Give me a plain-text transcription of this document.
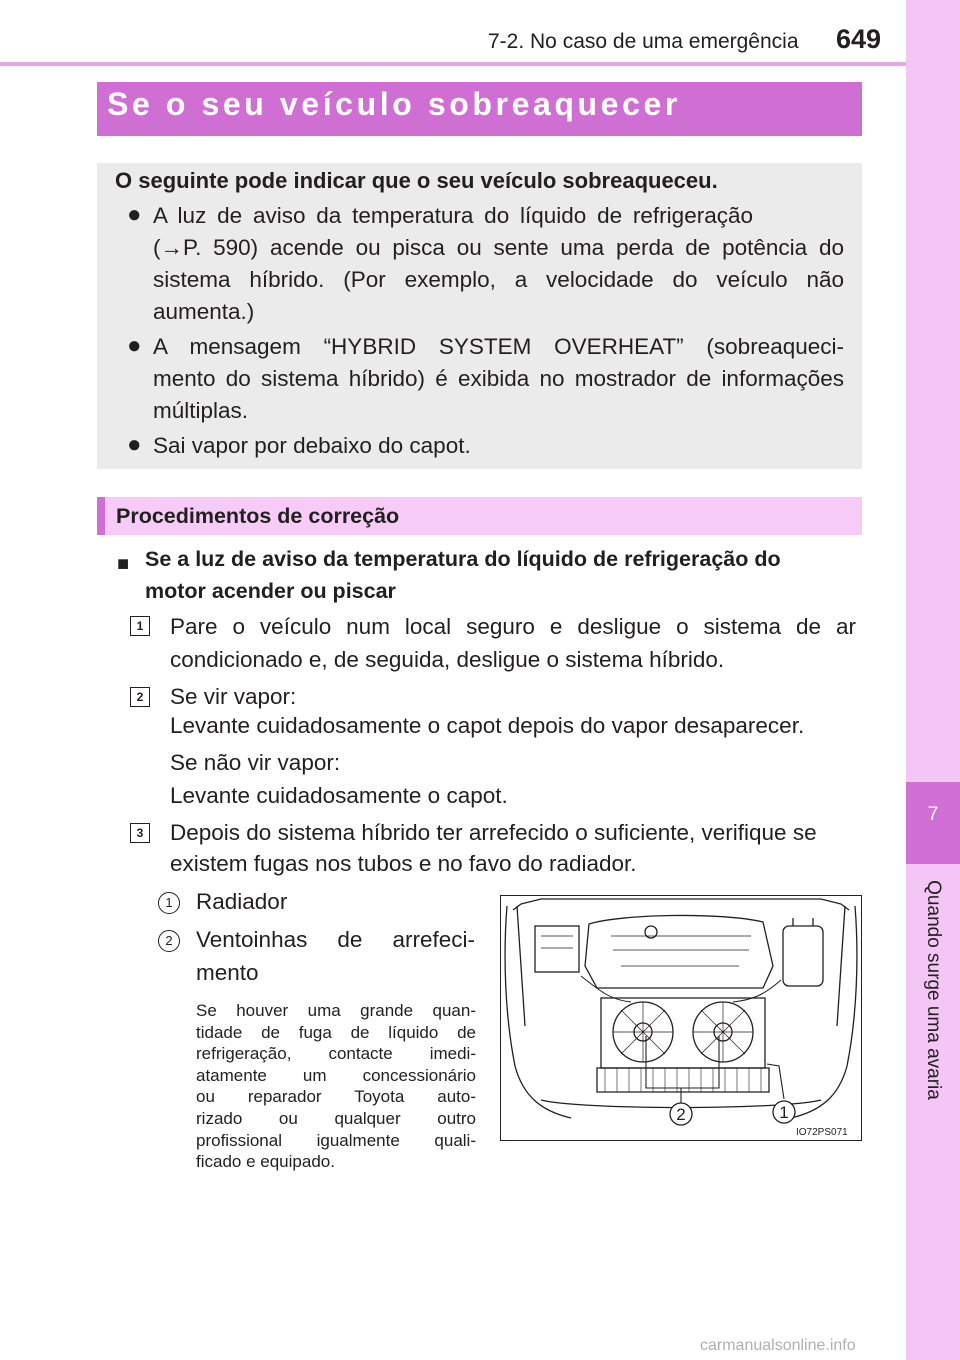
7-2. No caso de uma emergência 649
7
Quando surge uma avaria
Se o seu veículo sobreaquecer
O seguinte pode indicar que o seu veículo sobreaqueceu.
● A luz de aviso da temperatura do líquido de refrigeração
(→P. 590) acende ou pisca ou sente uma perda de potência do
sistema híbrido. (Por exemplo, a velocidade do veículo não
aumenta.)
● A mensagem “HYBRID SYSTEM OVERHEAT” (sobreaqueci-
mento do sistema híbrido) é exibida no mostrador de informações
múltiplas.
● Sai vapor por debaixo do capot.
Procedimentos de correção
■ Se a luz de aviso da temperatura do líquido de refrigeração do
motor acender ou piscar
1 Pare o veículo num local seguro e desligue o sistema de ar
condicionado e, de seguida, desligue o sistema híbrido.
2 Se vir vapor:
Levante cuidadosamente o capot depois do vapor desaparecer.
Se não vir vapor:
Levante cuidadosamente o capot.
3 Depois do sistema híbrido ter arrefecido o suficiente, verifique se
existem fugas nos tubos e no favo do radiador.
1	Radiador
2	Ventoinhas de arrefeci-
mento
Se houver uma grande quan-
tidade de fuga de líquido de
refrigeração, contacte imedi-
atamente um concessionário
ou reparador Toyota auto-
rizado ou qualquer outro
profissional igualmente quali-
ficado e equipado.
2	1
IO72PS071
carmanualsonline.info
